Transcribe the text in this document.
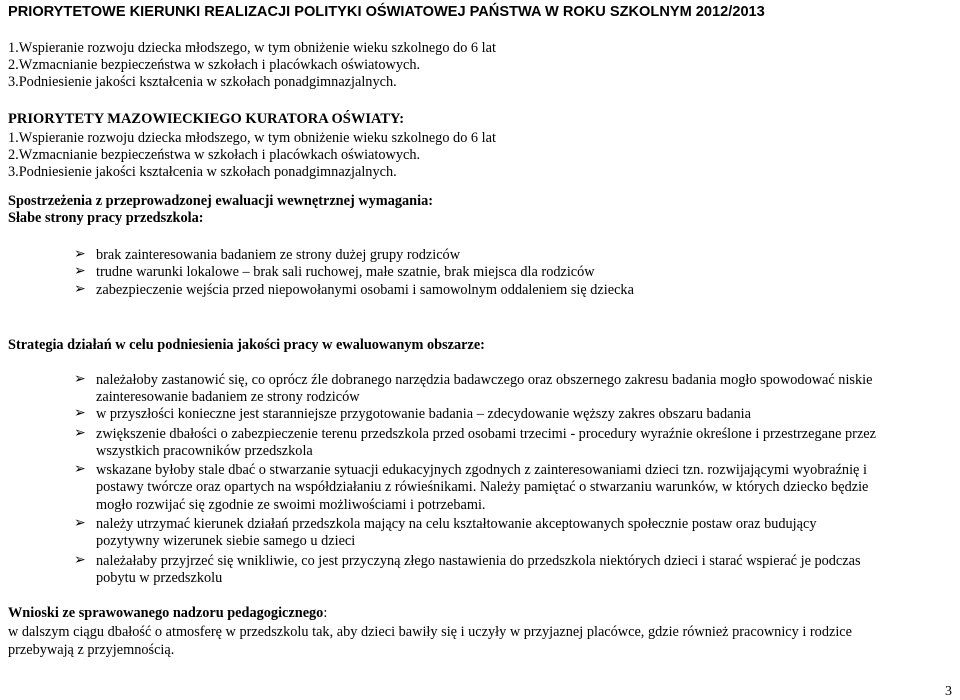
PRIORYTETOWE KIERUNKI REALIZACJI POLITYKI OŚWIATOWEJ PAŃSTWA W ROKU SZKOLNYM 2012/2013
1.Wspieranie rozwoju dziecka młodszego, w tym obniżenie wieku szkolnego do 6 lat
2.Wzmacnianie bezpieczeństwa w szkołach i placówkach oświatowych.
3.Podniesienie jakości kształcenia w szkołach ponadgimnazjalnych.
PRIORYTETY MAZOWIECKIEGO KURATORA OŚWIATY:
1.Wspieranie rozwoju dziecka młodszego, w tym obniżenie wieku szkolnego do 6 lat
2.Wzmacnianie bezpieczeństwa w szkołach i placówkach oświatowych.
3.Podniesienie jakości kształcenia w szkołach ponadgimnazjalnych.
Spostrzeżenia z przeprowadzonej ewaluacji wewnętrznej wymagania:
Słabe strony pracy przedszkola:
➢ brak zainteresowania badaniem ze strony dużej grupy rodziców
➢ trudne warunki lokalowe – brak sali ruchowej, małe szatnie, brak miejsca dla rodziców
➢ zabezpieczenie wejścia przed niepowołanymi osobami i samowolnym oddaleniem się dziecka
Strategia działań w celu podniesienia jakości pracy w ewaluowanym obszarze:
➢ należałoby zastanowić się, co oprócz źle dobranego narzędzia badawczego oraz obszernego zakresu badania mogło spowodować niskie
zainteresowanie badaniem ze strony rodziców
➢ w przyszłości konieczne jest staranniejsze przygotowanie badania – zdecydowanie węższy zakres obszaru badania
➢ zwiększenie dbałości o zabezpieczenie terenu przedszkola przed osobami trzecimi - procedury wyraźnie określone i przestrzegane przez
wszystkich pracowników przedszkola
➢ wskazane byłoby stale dbać o stwarzanie sytuacji edukacyjnych zgodnych z zainteresowaniami dzieci tzn. rozwijającymi wyobraźnię i
postawy twórcze oraz opartych na współdziałaniu z rówieśnikami. Należy pamiętać o stwarzaniu warunków, w których dziecko będzie
mogło rozwijać się zgodnie ze swoimi możliwościami i potrzebami.
➢ należy utrzymać kierunek działań przedszkola mający na celu kształtowanie akceptowanych społecznie postaw oraz budujący
pozytywny wizerunek siebie samego u dzieci
➢ należałaby przyjrzeć się wnikliwie, co jest przyczyną złego nastawienia do przedszkola niektórych dzieci i starać wspierać je podczas
pobytu w przedszkolu
Wnioski ze sprawowanego nadzoru pedagogicznego:
w dalszym ciągu dbałość o atmosferę w przedszkolu tak, aby dzieci bawiły się i uczyły w przyjaznej placówce, gdzie również pracownicy i rodzice
przebywają z przyjemnością.
3
